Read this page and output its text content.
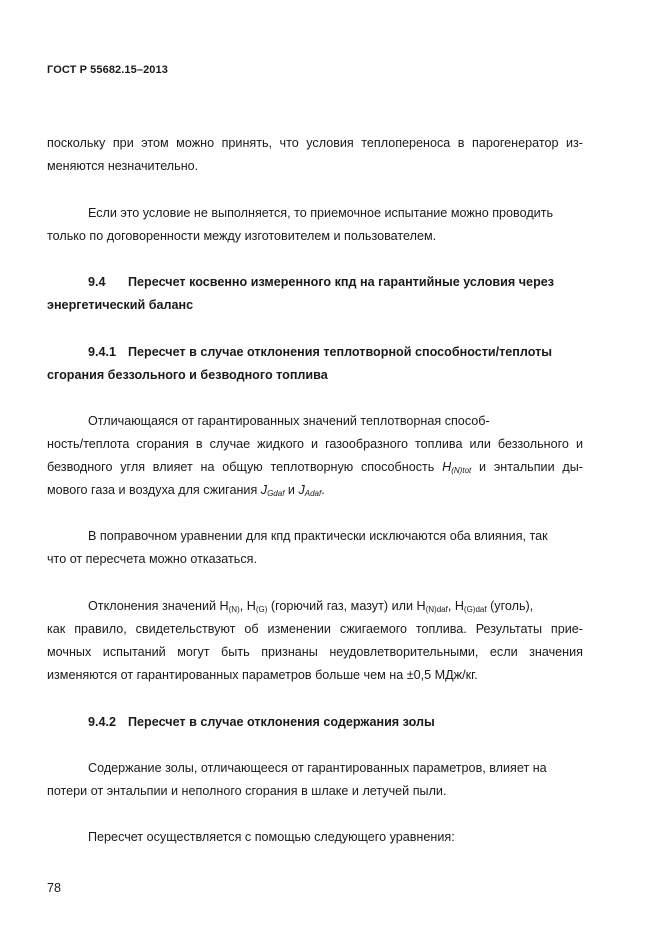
ГОСТ Р 55682.15–2013
поскольку при этом можно принять, что условия теплопереноса в парогенератор из-
меняются незначительно.
Если это условие не выполняется, то приемочное испытание можно проводить
только по договоренности между изготовителем и пользователем.
9.4 Пересчет косвенно измеренного кпд на гарантийные условия через
энергетический баланс
9.4.1 Пересчет в случае отклонения теплотворной способности/теплоты
сгорания беззольного и безводного топлива
Отличающаяся от гарантированных значений теплотворная способ-
ность/теплота сгорания в случае жидкого и газообразного топлива или беззольного и
безводного угля влияет на общую теплотворную способность $H_{(N)tot}$ и энтальпии ды-
мового газа и воздуха для сжигания $J_{Gdaf}$ и $J_{Adaf}$.
В поправочном уравнении для кпд практически исключаются оба влияния, так
что от пересчета можно отказаться.
Отклонения значений $H_{(N)}$, $H_{(G)}$ (горючий газ, мазут) или $H_{(N)daf}$, $H_{(G)daf}$ (уголь),
как правило, свидетельствуют об изменении сжигаемого топлива. Результаты прие-
мочных испытаний могут быть признаны неудовлетворительными, если значения
изменяются от гарантированных параметров больше чем на ±0,5 МДж/кг.
9.4.2 Пересчет в случае отклонения содержания золы
Содержание золы, отличающееся от гарантированных параметров, влияет на
потери от энтальпии и неполного сгорания в шлаке и летучей пыли.
Пересчет осуществляется с помощью следующего уравнения:
78
